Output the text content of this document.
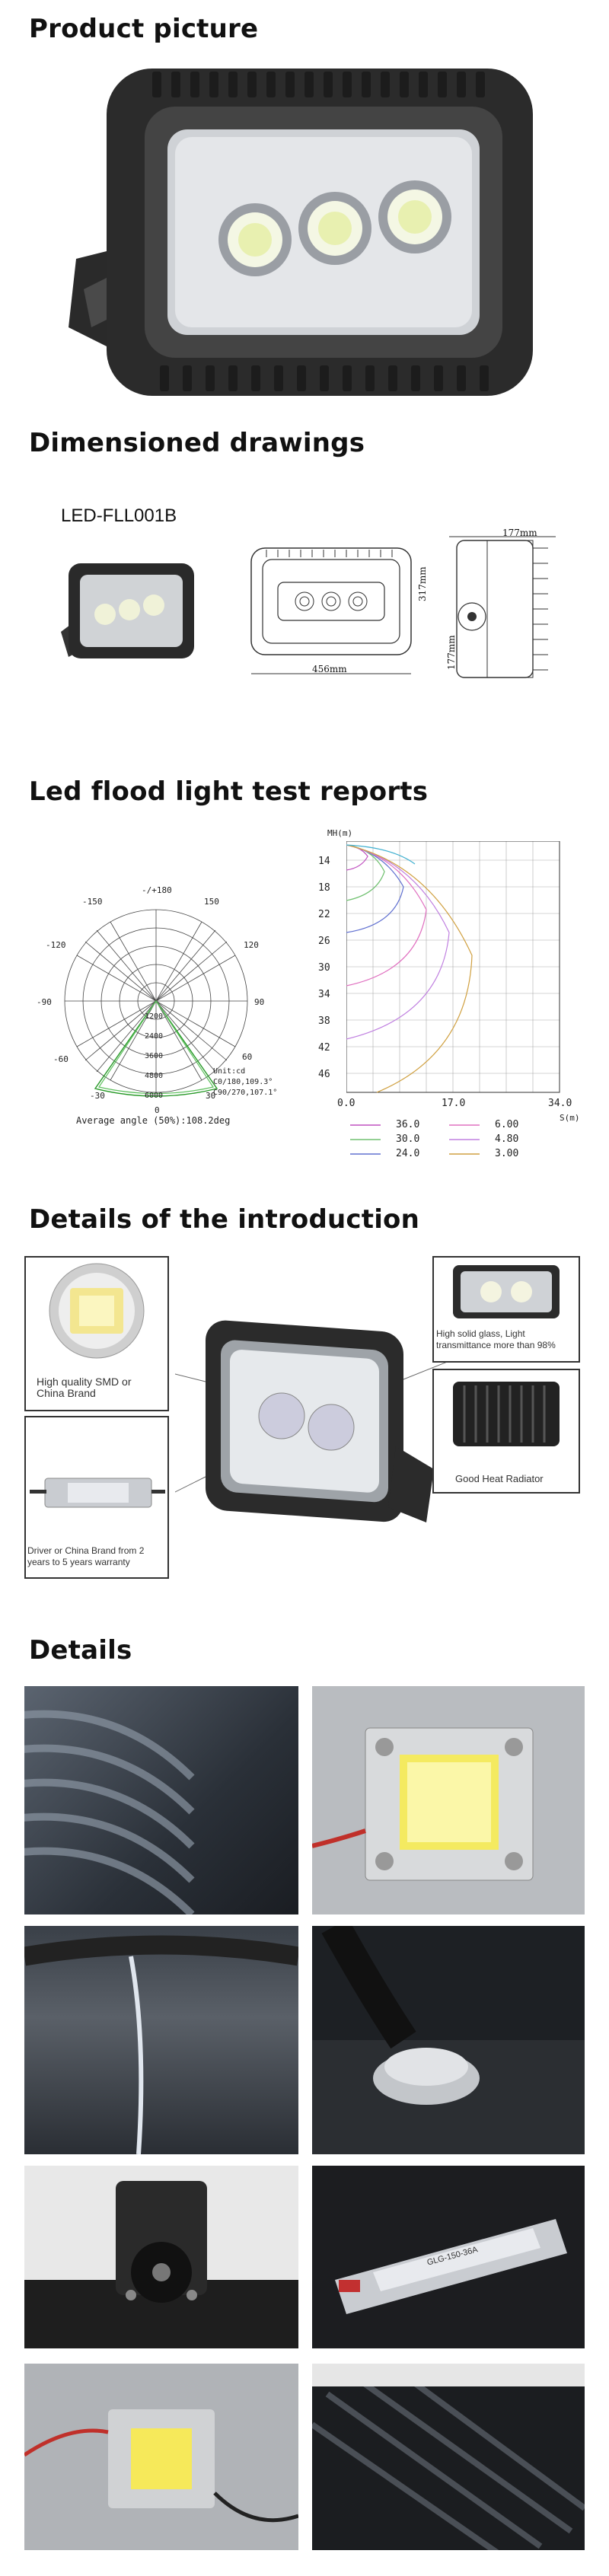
Product picture
Dimensioned drawings
LED-FLL001B
456mm
317mm
177mm
177mm
Led flood light test reports
-/+180
-150	150
-120	120
-90	90
-60	60
-30
0
30
1200
2400
3600
4800
6000
Unit:cd
C0/180,109.3°
C90/270,107.1°
Average angle (50%):108.2deg
MH(m)
14
18
22
26
30
34
38
42
46
0.0	17.0	34.0
S(m)
36.0	6.00
30.0	4.80
24.0	3.00
Details of the introduction
High quality SMD or China Brand
Driver or China Brand from 2 years to 5 years warranty
High solid glass, Light transmittance more than 98%
Good Heat Radiator
Details
GLG-150-36A
